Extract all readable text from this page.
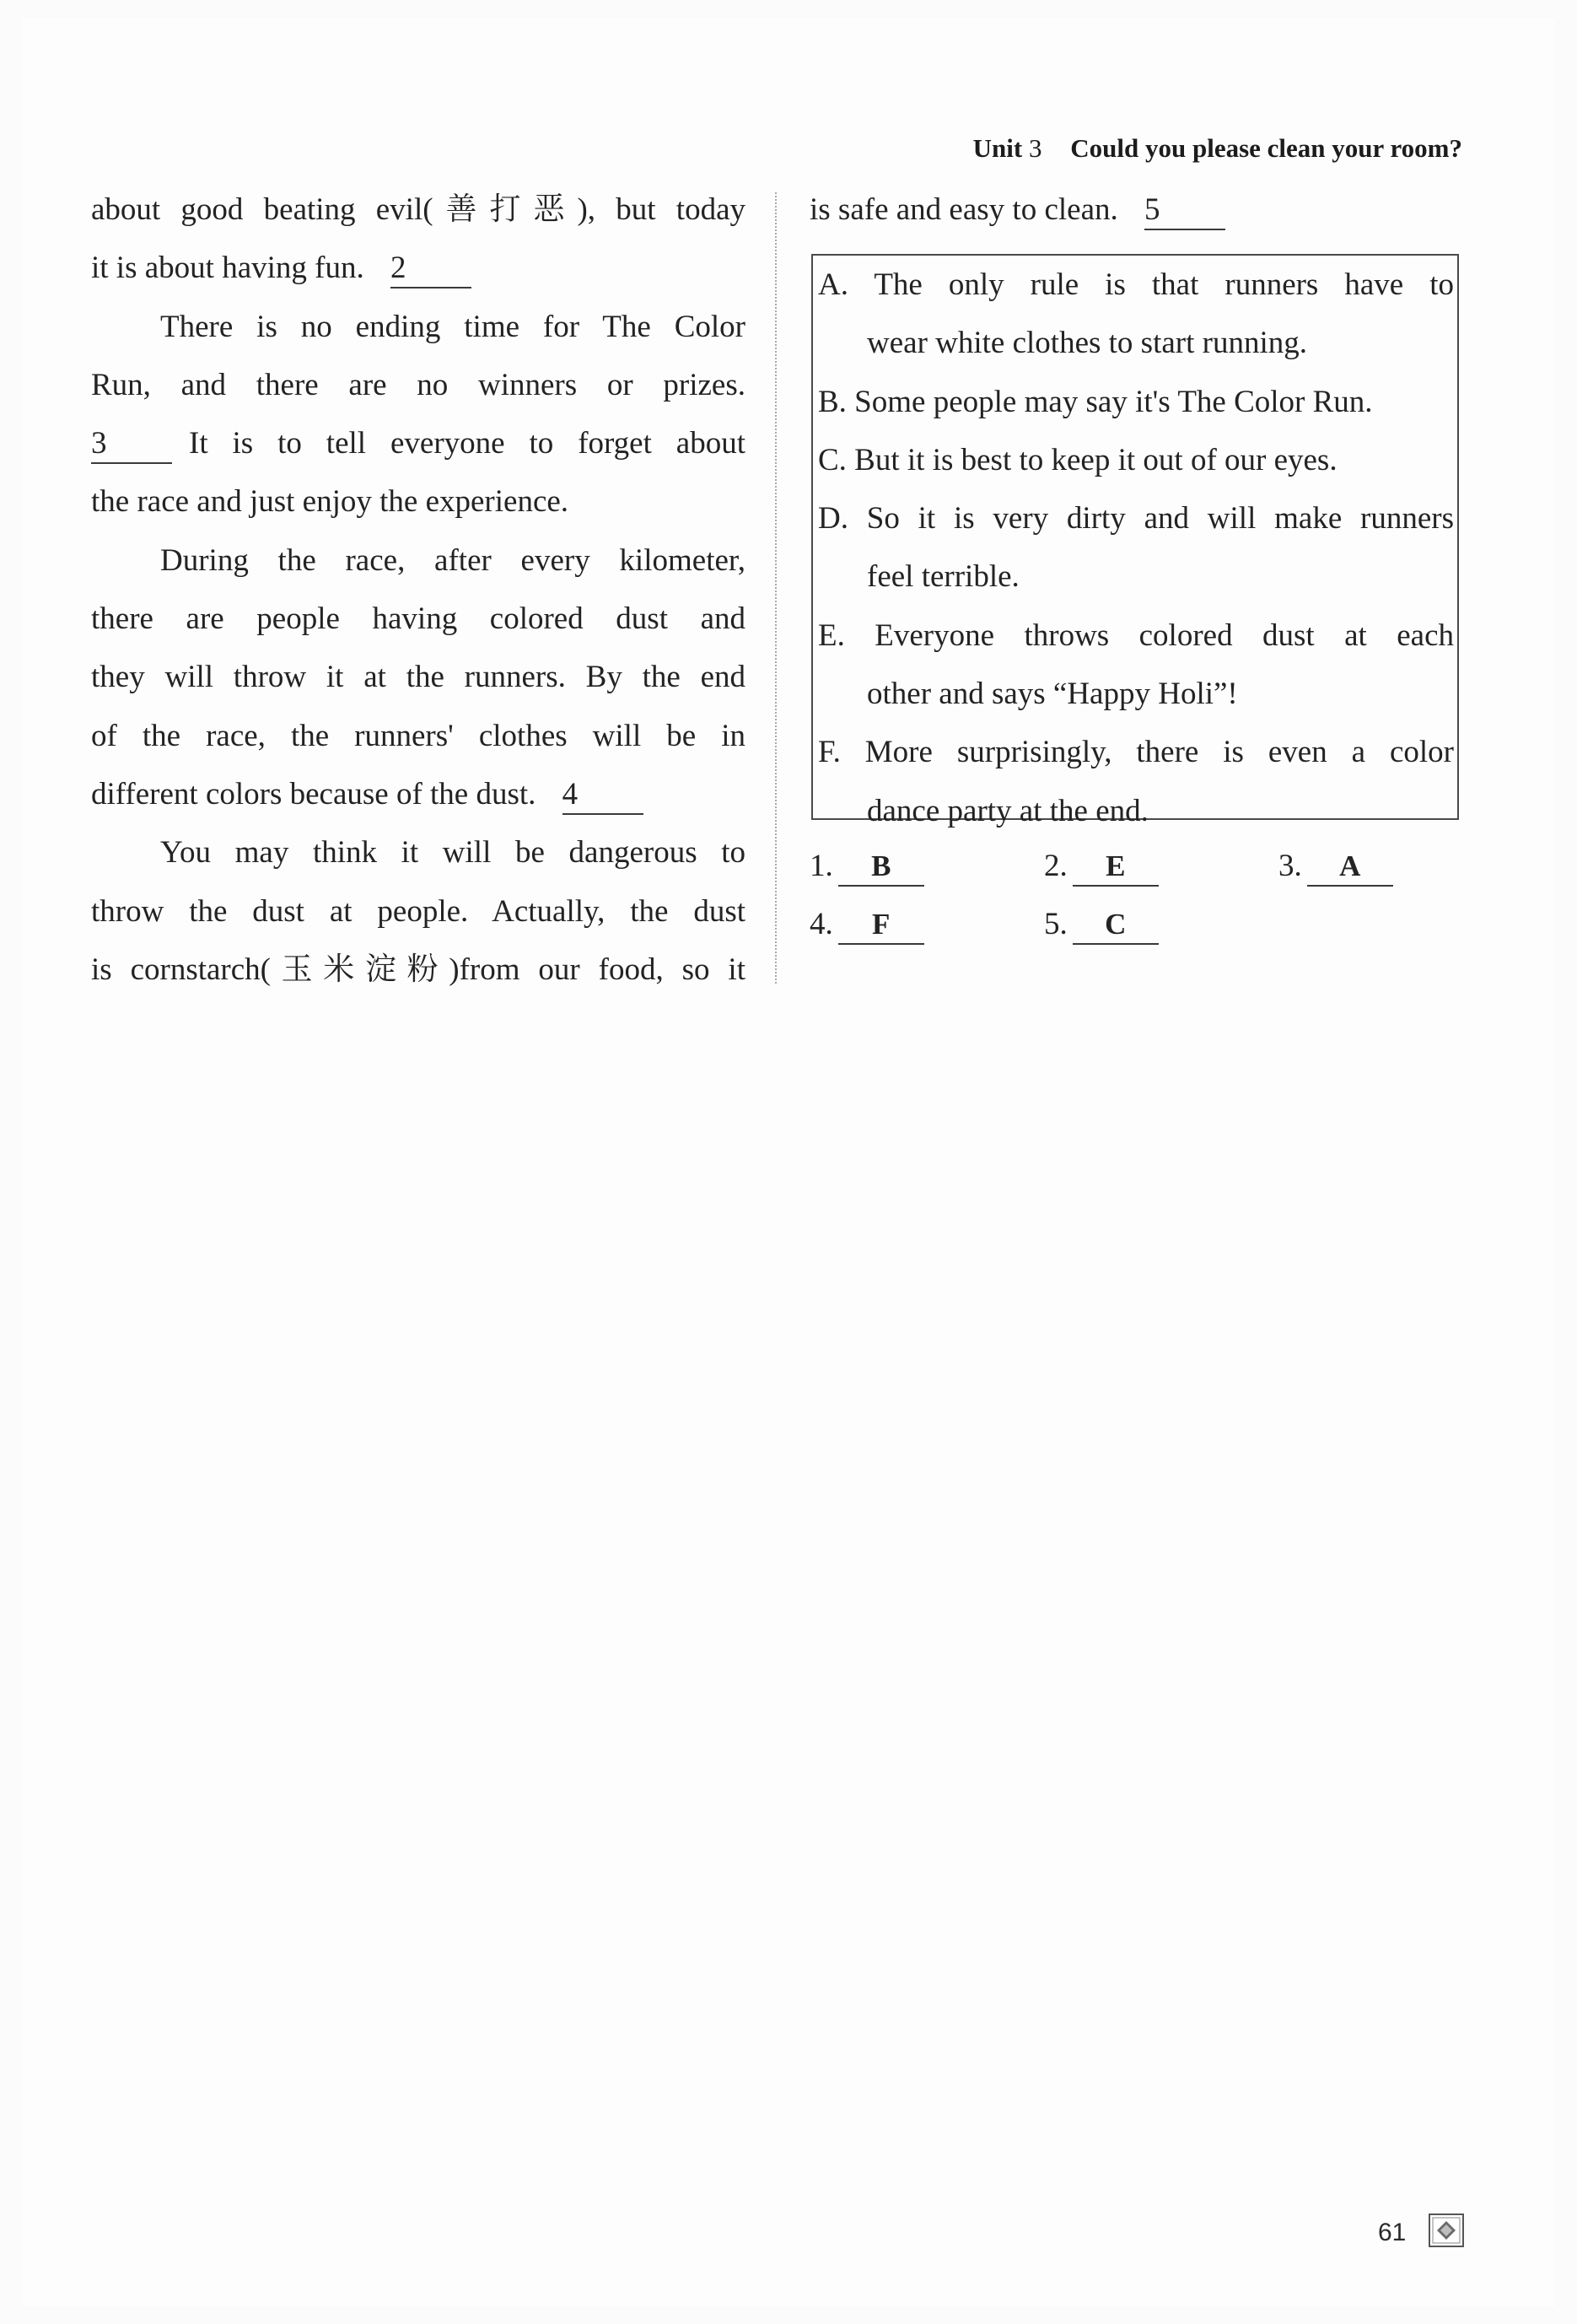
Unit 3 Could you please clean your room?
about good beating evil(善打恶), but today
it is about having fun. 2
There is no ending time for The Color
Run, and there are no winners or prizes.
3	It is to tell everyone to forget about
the race and just enjoy the experience.
During the race, after every kilometer,
there are people having colored dust and
they will throw it at the runners. By the end
of the race, the runners' clothes will be in
different colors because of the dust. 4
You may think it will be dangerous to
throw the dust at people. Actually, the dust
is cornstarch(玉米淀粉)from our food, so it
is safe and easy to clean. 5
A. The only rule is that runners have to
wear white clothes to start running.
B. Some people may say it's The Color Run.
C. But it is best to keep it out of our eyes.
D. So it is very dirty and will make runners
feel terrible.
E. Everyone throws colored dust at each
other and says “Happy Holi”!
F. More surprisingly, there is even a color
dance party at the end.
1. B	2. E	3. A
4. F	5. C
61
